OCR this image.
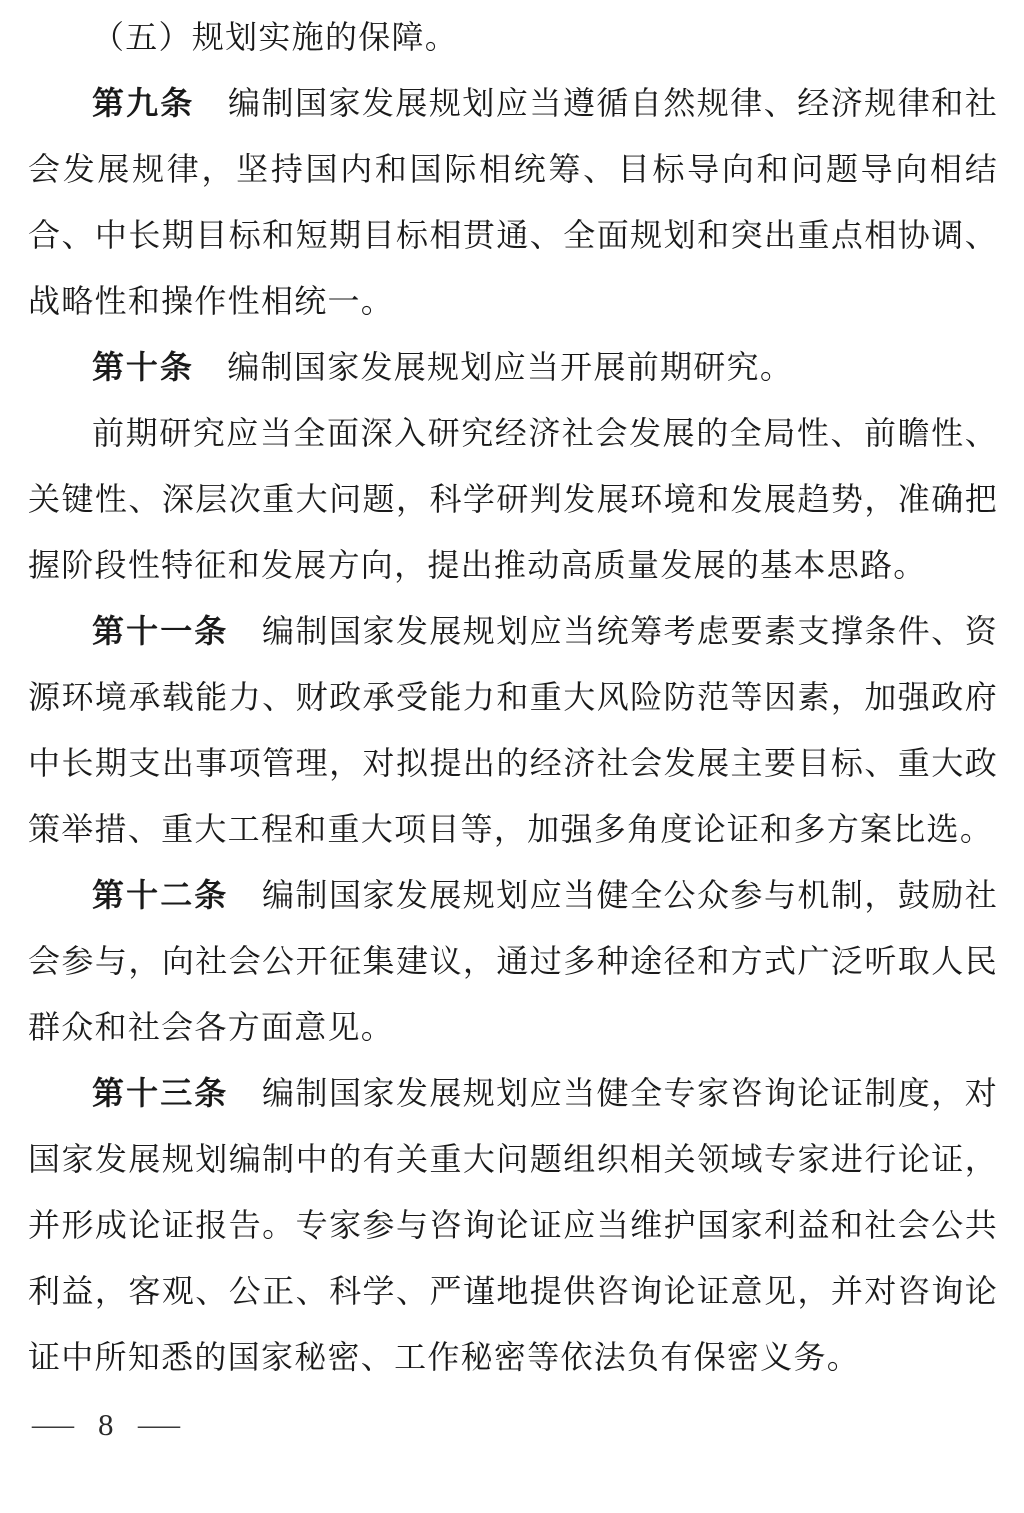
（五）规划实施的保障。

第九条 编制国家发展规划应当遵循自然规律、经济规律和社会发展规律，坚持国内和国际相统筹、目标导向和问题导向相结合、中长期目标和短期目标相贯通、全面规划和突出重点相协调、战略性和操作性相统一。

第十条 编制国家发展规划应当开展前期研究。

前期研究应当全面深入研究经济社会发展的全局性、前瞻性、关键性、深层次重大问题，科学研判发展环境和发展趋势，准确把握阶段性特征和发展方向，提出推动高质量发展的基本思路。

第十一条 编制国家发展规划应当统筹考虑要素支撑条件、资源环境承载能力、财政承受能力和重大风险防范等因素，加强政府中长期支出事项管理，对拟提出的经济社会发展主要目标、重大政策举措、重大工程和重大项目等，加强多角度论证和多方案比选。

第十二条 编制国家发展规划应当健全公众参与机制，鼓励社会参与，向社会公开征集建议，通过多种途径和方式广泛听取人民群众和社会各方面意见。

第十三条 编制国家发展规划应当健全专家咨询论证制度，对国家发展规划编制中的有关重大问题组织相关领域专家进行论证，并形成论证报告。专家参与咨询论证应当维护国家利益和社会公共利益，客观、公正、科学、严谨地提供咨询论证意见，并对咨询论证中所知悉的国家秘密、工作秘密等依法负有保密义务。

— 8 —
